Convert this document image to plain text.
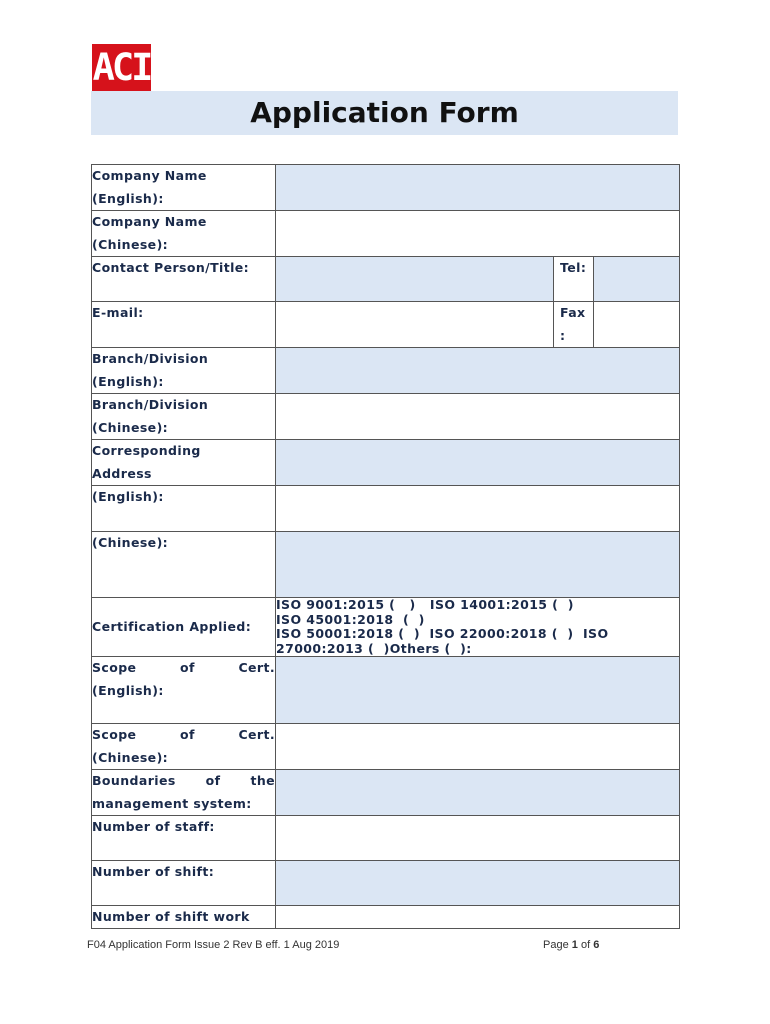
ACI
Application Form
Company Name
(English):			

Company Name
(Chinese):			

Contact Person/Title:		Tel:	

E-mail:		Fax
:	

Branch/Division
(English):			

Branch/Division
(Chinese):			

Corresponding
Address			

(English):			

(Chinese):			

Certification Applied:	ISO 9001:2015 (   )   ISO 14001:2015 (  )
ISO 45001:2018  (  )
ISO 50001:2018 (  )  ISO 22000:2018 (  )  ISO
27000:2013 (  )Others (  ):		

Scope of Cert.
(English):			

Scope of Cert.
(Chinese):			

Boundaries of the
management system:			

Number of staff:			

Number of shift:			

Number of shift work			

F04 Application Form Issue 2 Rev B eff. 1 Aug 2019	Page 1 of 6
